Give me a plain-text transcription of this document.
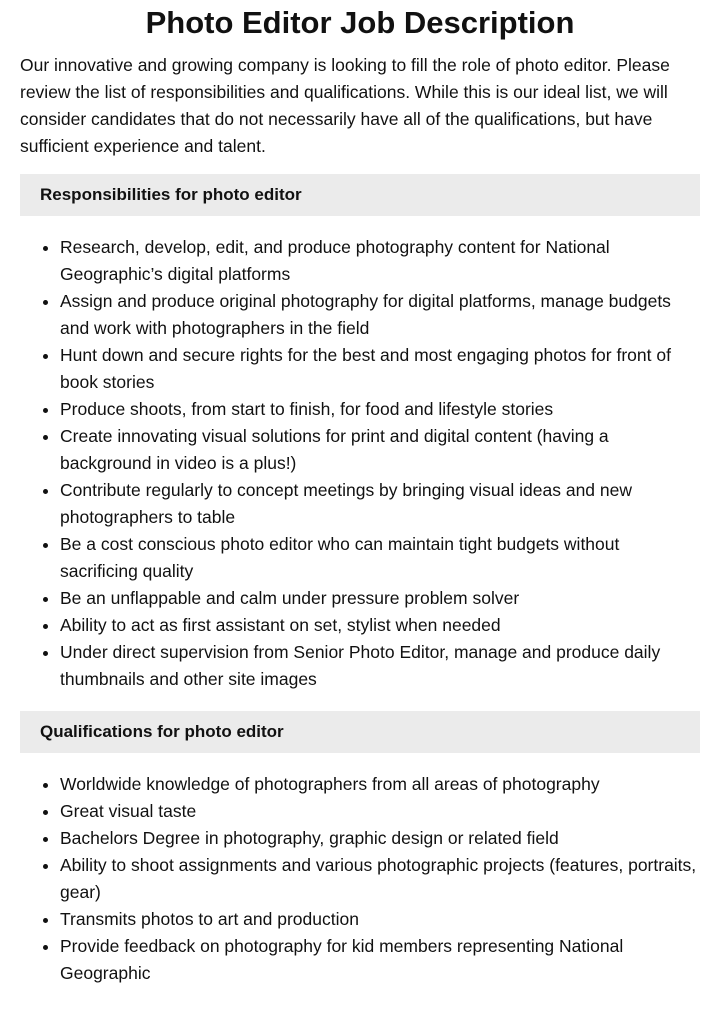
Photo Editor Job Description

Our innovative and growing company is looking to fill the role of photo editor. Please review the list of responsibilities and qualifications. While this is our ideal list, we will consider candidates that do not necessarily have all of the qualifications, but have sufficient experience and talent.

Responsibilities for photo editor
• Research, develop, edit, and produce photography content for National Geographic’s digital platforms
• Assign and produce original photography for digital platforms, manage budgets and work with photographers in the field
• Hunt down and secure rights for the best and most engaging photos for front of book stories
• Produce shoots, from start to finish, for food and lifestyle stories
• Create innovating visual solutions for print and digital content (having a background in video is a plus!)
• Contribute regularly to concept meetings by bringing visual ideas and new photographers to table
• Be a cost conscious photo editor who can maintain tight budgets without sacrificing quality
• Be an unflappable and calm under pressure problem solver
• Ability to act as first assistant on set, stylist when needed
• Under direct supervision from Senior Photo Editor, manage and produce daily thumbnails and other site images
Qualifications for photo editor
• Worldwide knowledge of photographers from all areas of photography
• Great visual taste
• Bachelors Degree in photography, graphic design or related field
• Ability to shoot assignments and various photographic projects (features, portraits, gear)
• Transmits photos to art and production
• Provide feedback on photography for kid members representing National Geographic
